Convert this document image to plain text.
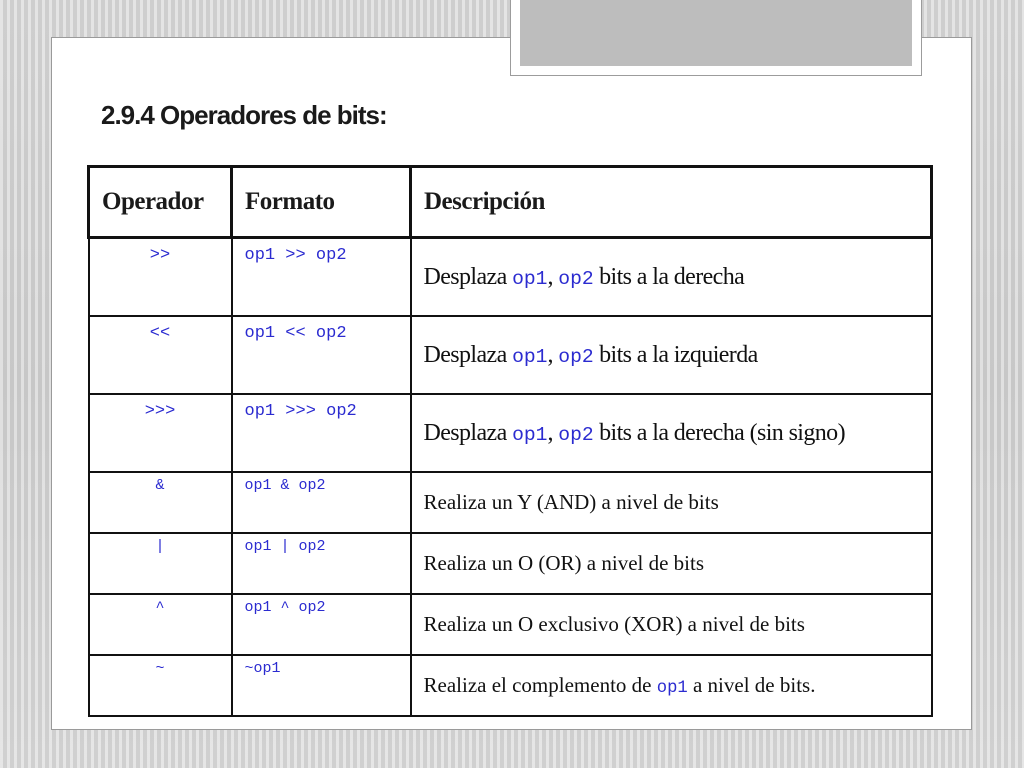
2.9.4 Operadores de bits:
Operador	Formato	Descripción
>>	op1 >> op2	Desplaza op1, op2 bits a la derecha
<<	op1 << op2	Desplaza op1, op2 bits a la izquierda
>>>	op1 >>> op2	Desplaza op1, op2 bits a la derecha (sin signo)
&	op1 & op2	Realiza un Y (AND) a nivel de bits
|	op1 | op2	Realiza un O (OR) a nivel de bits
^	op1 ^ op2	Realiza un O exclusivo (XOR) a nivel de bits
~	~op1	Realiza el complemento de op1 a nivel de bits.
